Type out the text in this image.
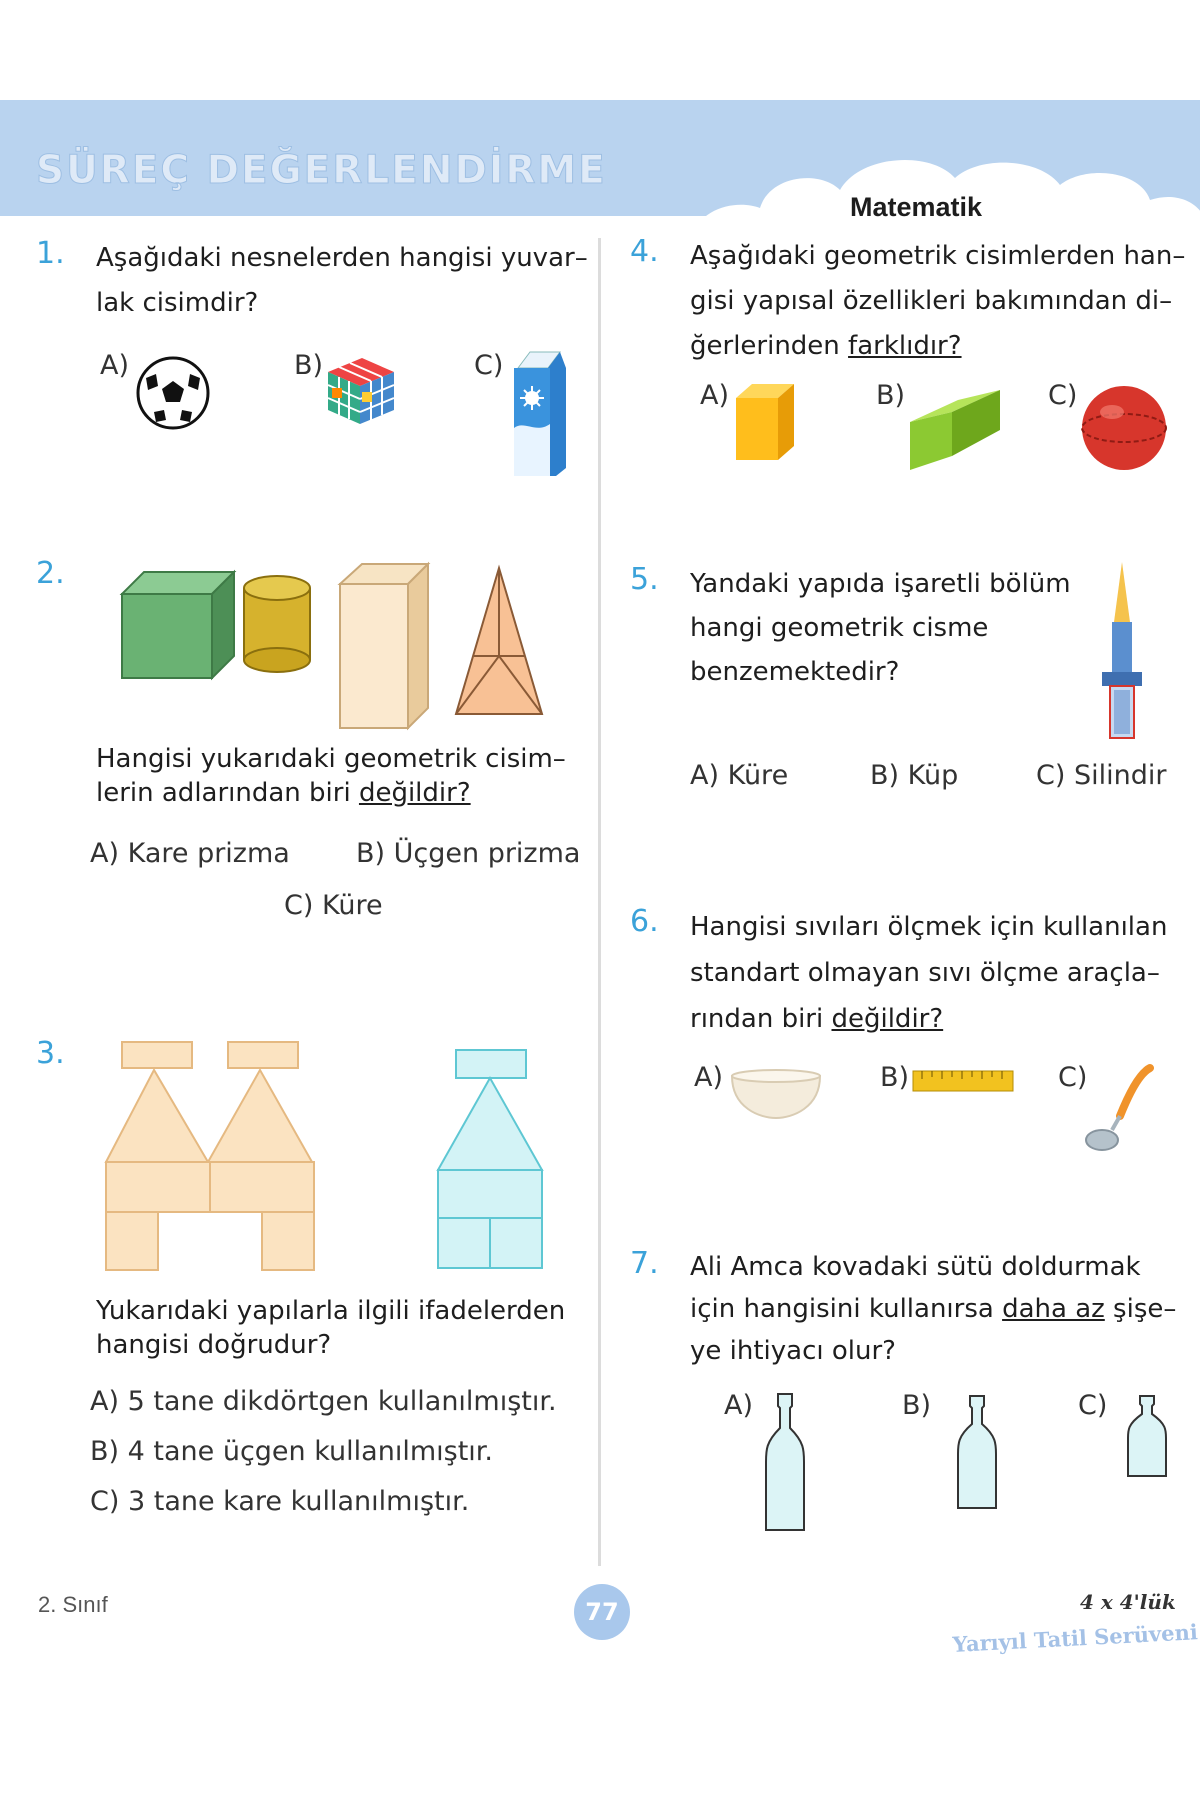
SÜREÇ DEĞERLENDİRME
Matematik
1. Aşağıdaki nesnelerden hangisi yuvar–
lak cisimdir?
A)	B)	C)
2.
Hangisi yukarıdaki geometrik cisim–
lerin adlarından biri değildir?
A) Kare prizma B) Üçgen prizma
C) Küre
3.
Yukarıdaki yapılarla ilgili ifadelerden
hangisi doğrudur?
A) 5 tane dikdörtgen kullanılmıştır.
B) 4 tane üçgen kullanılmıştır.
C) 3 tane kare kullanılmıştır.
4. Aşağıdaki geometrik cisimlerden han–
gisi yapısal özellikleri bakımından di–
ğerlerinden farklıdır?
A)	B)	C)
5. Yandaki yapıda işaretli bölüm
hangi geometrik cisme
benzemektedir?
A) Küre	B) Küp	C) Silindir
6. Hangisi sıvıları ölçmek için kullanılan
standart olmayan sıvı ölçme araçla–
rından biri değildir?
A)	B)	C)
7. Ali Amca kovadaki sütü doldurmak
için hangisini kullanırsa daha az şişe–
ye ihtiyacı olur?
A)	B)	C)
2. Sınıf	77	4 x 4'lük
Yarıyıl Tatil Serüveni
